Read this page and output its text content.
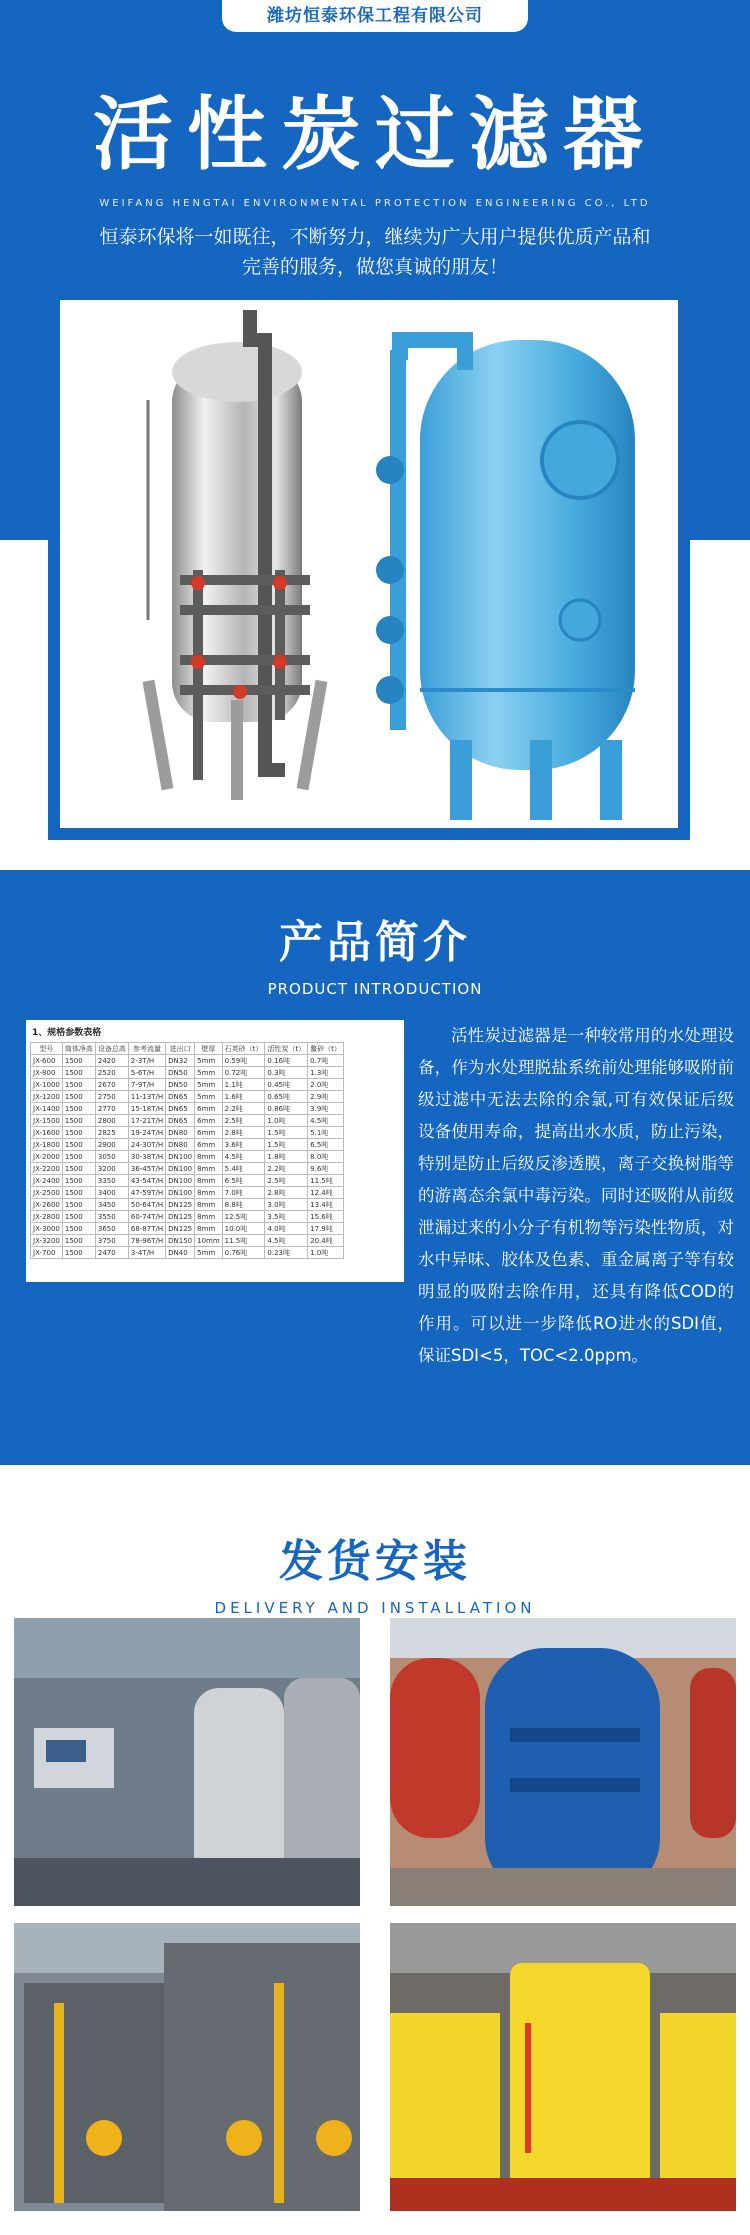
潍坊恒泰环保工程有限公司
活性炭过滤器
WEIFANG HENGTAI ENVIRONMENTAL PROTECTION ENGINEERING CO., LTD
恒泰环保将一如既往，不断努力，继续为广大用户提供优质产品和
完善的服务，做您真诚的朋友！
产品简介
PRODUCT INTRODUCTION
1、规格参数表格
型号	筒体净高	设备总高	参考流量	进出口	壁厚	石英砂（t）	活性炭（t）	鳌砂（t）
JX-600	1500	2420	2-3T/H	DN32	5mm	0.59吨	0.16吨	0.7吨
JX-800	1500	2520	5-6T/H	DN50	5mm	0.72吨	0.3吨	1.3吨
JX-1000	1500	2670	7-9T/H	DN50	5mm	1.1吨	0.45吨	2.0吨
JX-1200	1500	2750	11-13T/H	DN65	5mm	1.6吨	0.65吨	2.9吨
JX-1400	1500	2770	15-18T/H	DN65	6mm	2.2吨	0.86吨	3.9吨
JX-1500	1500	2800	17-21T/H	DN65	6mm	2.5吨	1.0吨	4.5吨
JX-1600	1500	2825	19-24T/H	DN80	6mm	2.8吨	1.5吨	5.1吨
JX-1800	1500	2900	24-30T/H	DN80	6mm	3.6吨	1.5吨	6.5吨
JX-2000	1500	3050	30-38T/H	DN100	8mm	4.5吨	1.8吨	8.0吨
JX-2200	1500	3200	36-45T/H	DN100	8mm	5.4吨	2.2吨	9.6吨
JX-2400	1500	3350	43-54T/H	DN100	8mm	6.5吨	2.5吨	11.5吨
JX-2500	1500	3400	47-59T/H	DN100	8mm	7.0吨	2.8吨	12.4吨
JX-2600	1500	3450	50-64T/H	DN125	8mm	8.8吨	3.0吨	13.4吨
JX-2800	1500	3550	60-74T/H	DN125	8mm	12.5吨	3.5吨	15.6吨
JX-3000	1500	3650	68-87T/H	DN125	8mm	10.0吨	4.0吨	17.9吨
JX-3200	1500	3750	78-96T/H	DN150	10mm	11.5吨	4.5吨	20.4吨
JX-700	1500	2470	3-4T/H	DN40	5mm	0.76吨	0.23吨	1.0吨
活性炭过滤器是一种较常用的水处理设备，作为水处理脱盐系统前处理能够吸附前级过滤中无法去除的余氯,可有效保证后级设备使用寿命，提高出水水质，防止污染，特别是防止后级反渗透膜，离子交换树脂等的游离态余氯中毒污染。同时还吸附从前级泄漏过来的小分子有机物等污染性物质，对水中异味、胶体及色素、重金属离子等有较明显的吸附去除作用，还具有降低COD的作用。可以进一步降低RO进水的SDI值，保证SDI<5，TOC<2.0ppm。
发货安装
DELIVERY AND INSTALLATION
